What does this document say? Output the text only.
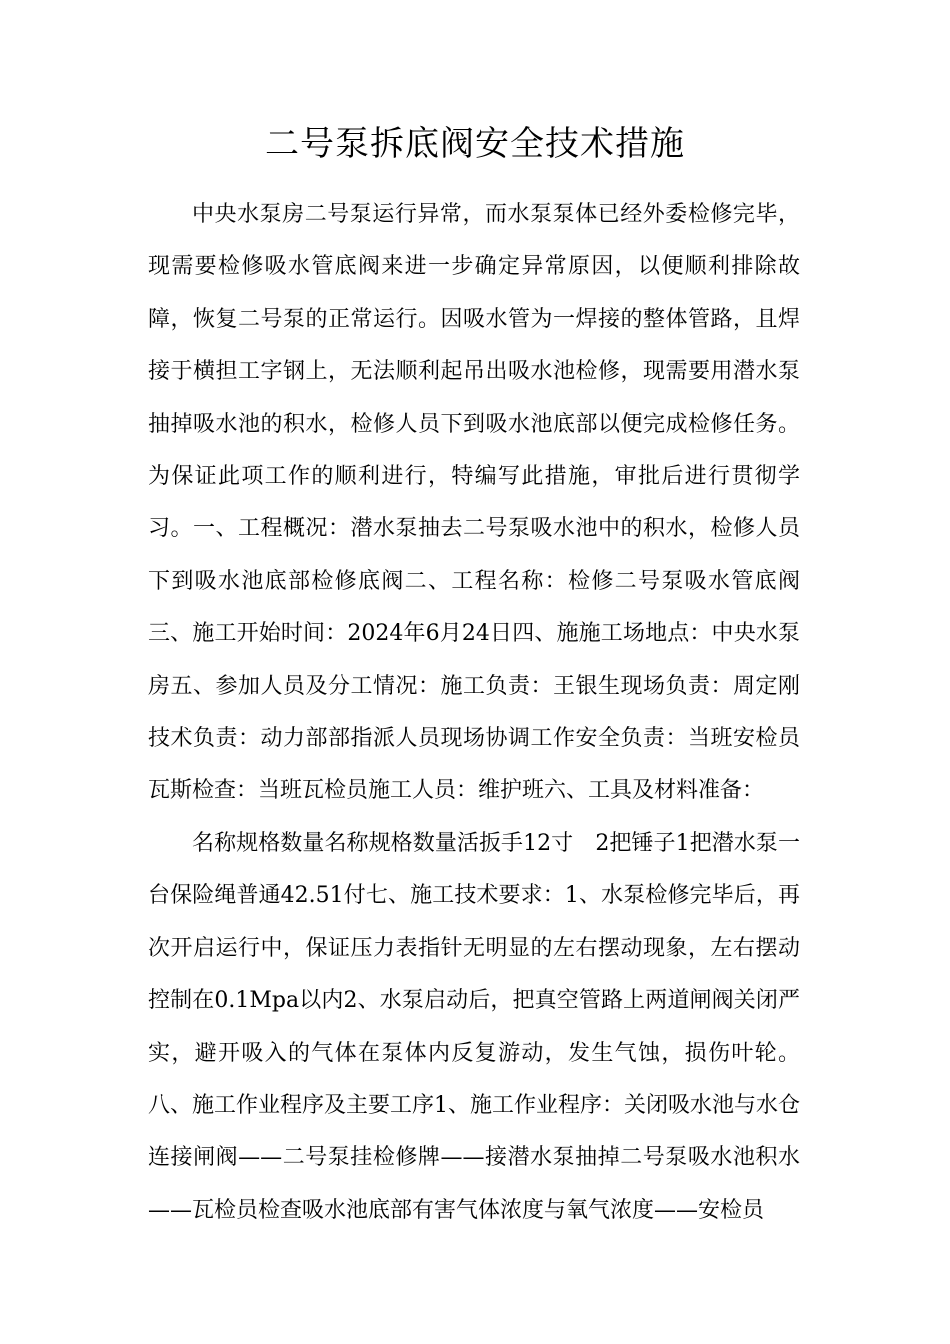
二号泵拆底阀安全技术措施

中央水泵房二号泵运行异常，而水泵泵体已经外委检修完毕，现需要检修吸水管底阀来进一步确定异常原因，以便顺利排除故障，恢复二号泵的正常运行。因吸水管为一焊接的整体管路，且焊接于横担工字钢上，无法顺利起吊出吸水池检修，现需要用潜水泵抽掉吸水池的积水，检修人员下到吸水池底部以便完成检修任务。为保证此项工作的顺利进行，特编写此措施，审批后进行贯彻学习。一、工程概况：潜水泵抽去二号泵吸水池中的积水，检修人员下到吸水池底部检修底阀二、工程名称：检修二号泵吸水管底阀三、施工开始时间：2024年6月24日四、施施工场地点：中央水泵房五、参加人员及分工情况：施工负责：王银生现场负责：周定刚技术负责：动力部部指派人员现场协调工作安全负责：当班安检员瓦斯检查：当班瓦检员施工人员：维护班六、工具及材料准备：

名称规格数量名称规格数量活扳手12寸　2把锤子1把潜水泵一台保险绳普通42.51付七、施工技术要求：1、水泵检修完毕后，再次开启运行中，保证压力表指针无明显的左右摆动现象，左右摆动控制在0.1Mpa以内2、水泵启动后，把真空管路上两道闸阀关闭严实，避开吸入的气体在泵体内反复游动，发生气蚀，损伤叶轮。八、施工作业程序及主要工序1、施工作业程序：关闭吸水池与水仓连接闸阀——二号泵挂检修牌——接潜水泵抽掉二号泵吸水池积水——瓦检员检查吸水池底部有害气体浓度与氧气浓度——安检员
